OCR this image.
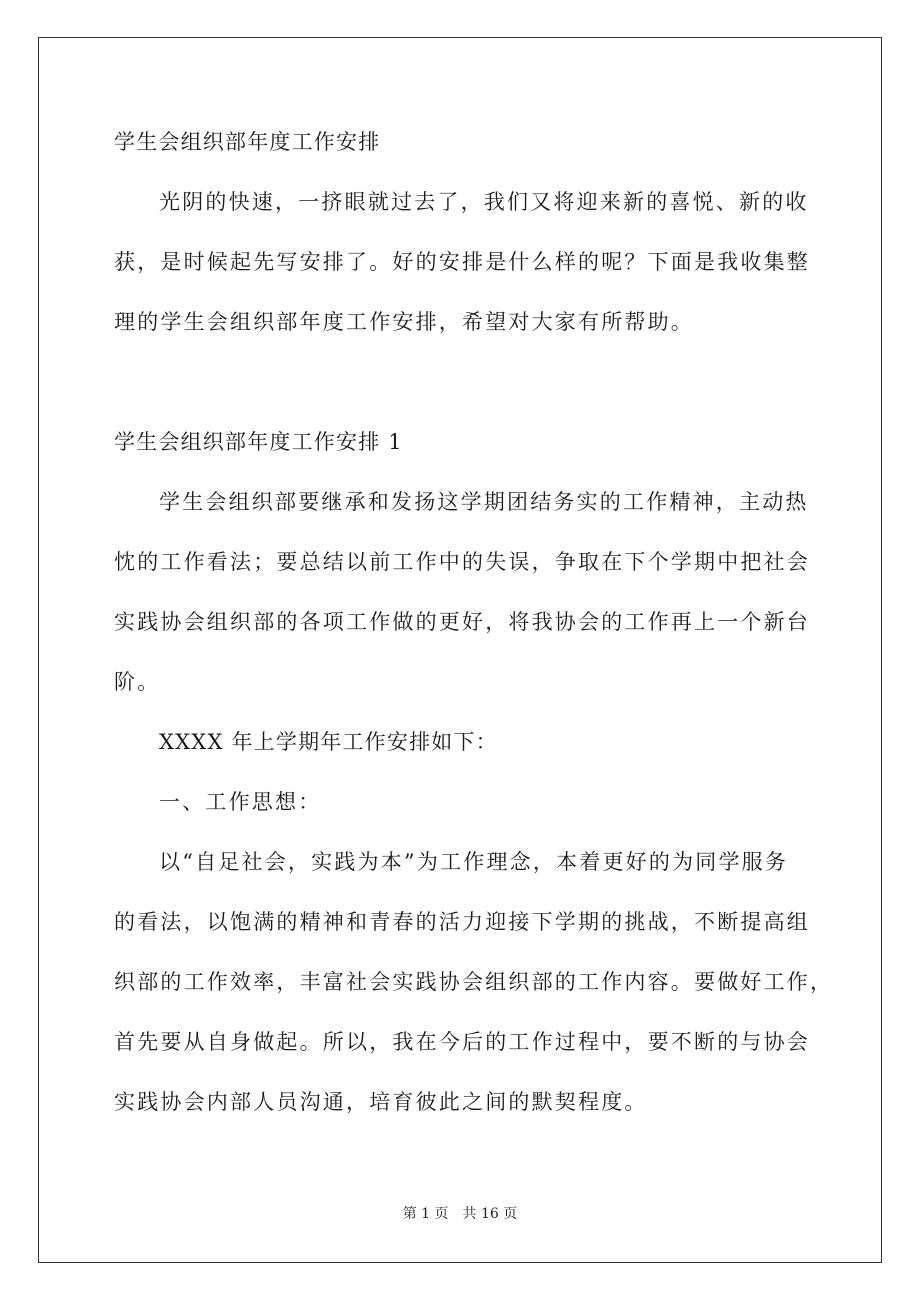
学生会组织部年度工作安排

光阴的快速，一挤眼就过去了，我们又将迎来新的喜悦、新的收

获，是时候起先写安排了。好的安排是什么样的呢？下面是我收集整

理的学生会组织部年度工作安排，希望对大家有所帮助。

学生会组织部年度工作安排 1

学生会组织部要继承和发扬这学期团结务实的工作精神，主动热

忱的工作看法；要总结以前工作中的失误，争取在下个学期中把社会

实践协会组织部的各项工作做的更好，将我协会的工作再上一个新台

阶。

XXXX 年上学期年工作安排如下：

一、工作思想：

以“自足社会，实践为本”为工作理念，本着更好的为同学服务

的看法，以饱满的精神和青春的活力迎接下学期的挑战，不断提高组

织部的工作效率，丰富社会实践协会组织部的工作内容。要做好工作，

首先要从自身做起。所以，我在今后的工作过程中，要不断的与协会

实践协会内部人员沟通，培育彼此之间的默契程度。

第 1 页 共 16 页
